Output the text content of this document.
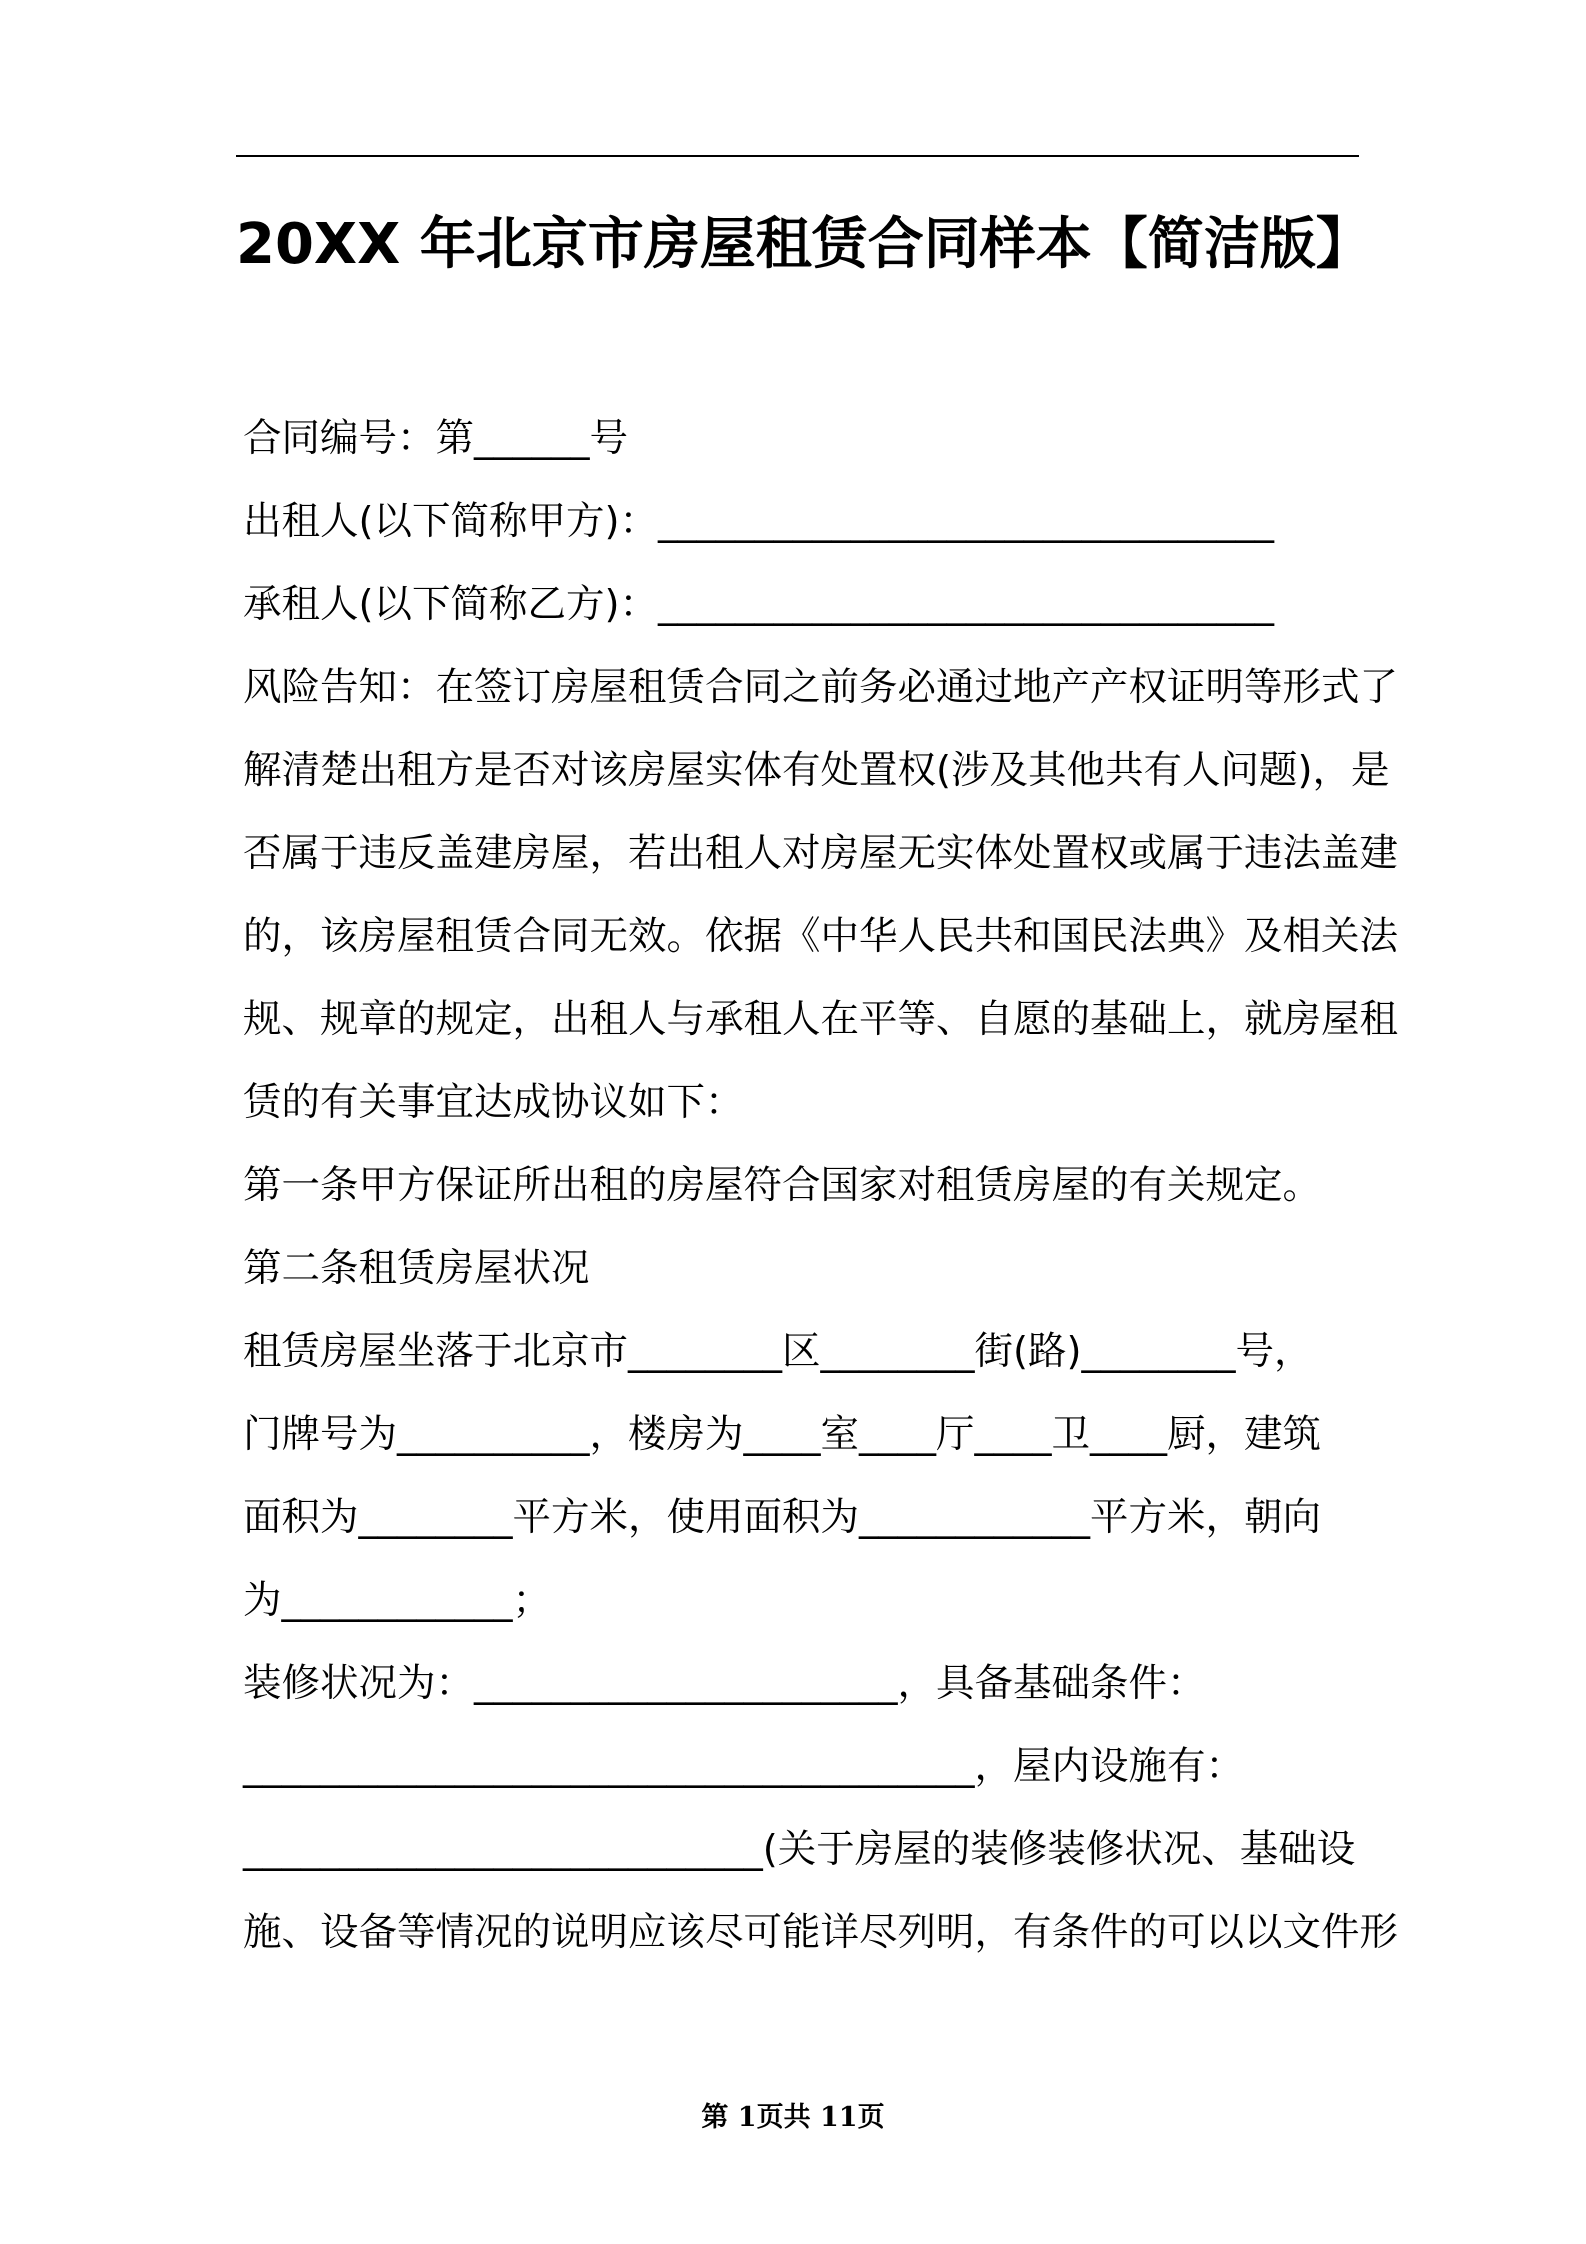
20XX 年北京市房屋租赁合同样本【简洁版】
合同编号：第______号
出租人(以下简称甲方)：________________________________
承租人(以下简称乙方)：________________________________
风险告知：在签订房屋租赁合同之前务必通过地产产权证明等形式了
解清楚出租方是否对该房屋实体有处置权(涉及其他共有人问题)，是
否属于违反盖建房屋，若出租人对房屋无实体处置权或属于违法盖建
的，该房屋租赁合同无效。依据《中华人民共和国民法典》及相关法
规、规章的规定，出租人与承租人在平等、自愿的基础上，就房屋租
赁的有关事宜达成协议如下：
第一条甲方保证所出租的房屋符合国家对租赁房屋的有关规定。
第二条租赁房屋状况
租赁房屋坐落于北京市________区________街(路)________号，
门牌号为__________，楼房为____室____厅____卫____厨，建筑
面积为________平方米，使用面积为____________平方米，朝向
为____________；
装修状况为：______________________，具备基础条件：
______________________________________，屋内设施有：
___________________________(关于房屋的装修装修状况、基础设
施、设备等情况的说明应该尽可能详尽列明，有条件的可以以文件形
第 1页共 11页
